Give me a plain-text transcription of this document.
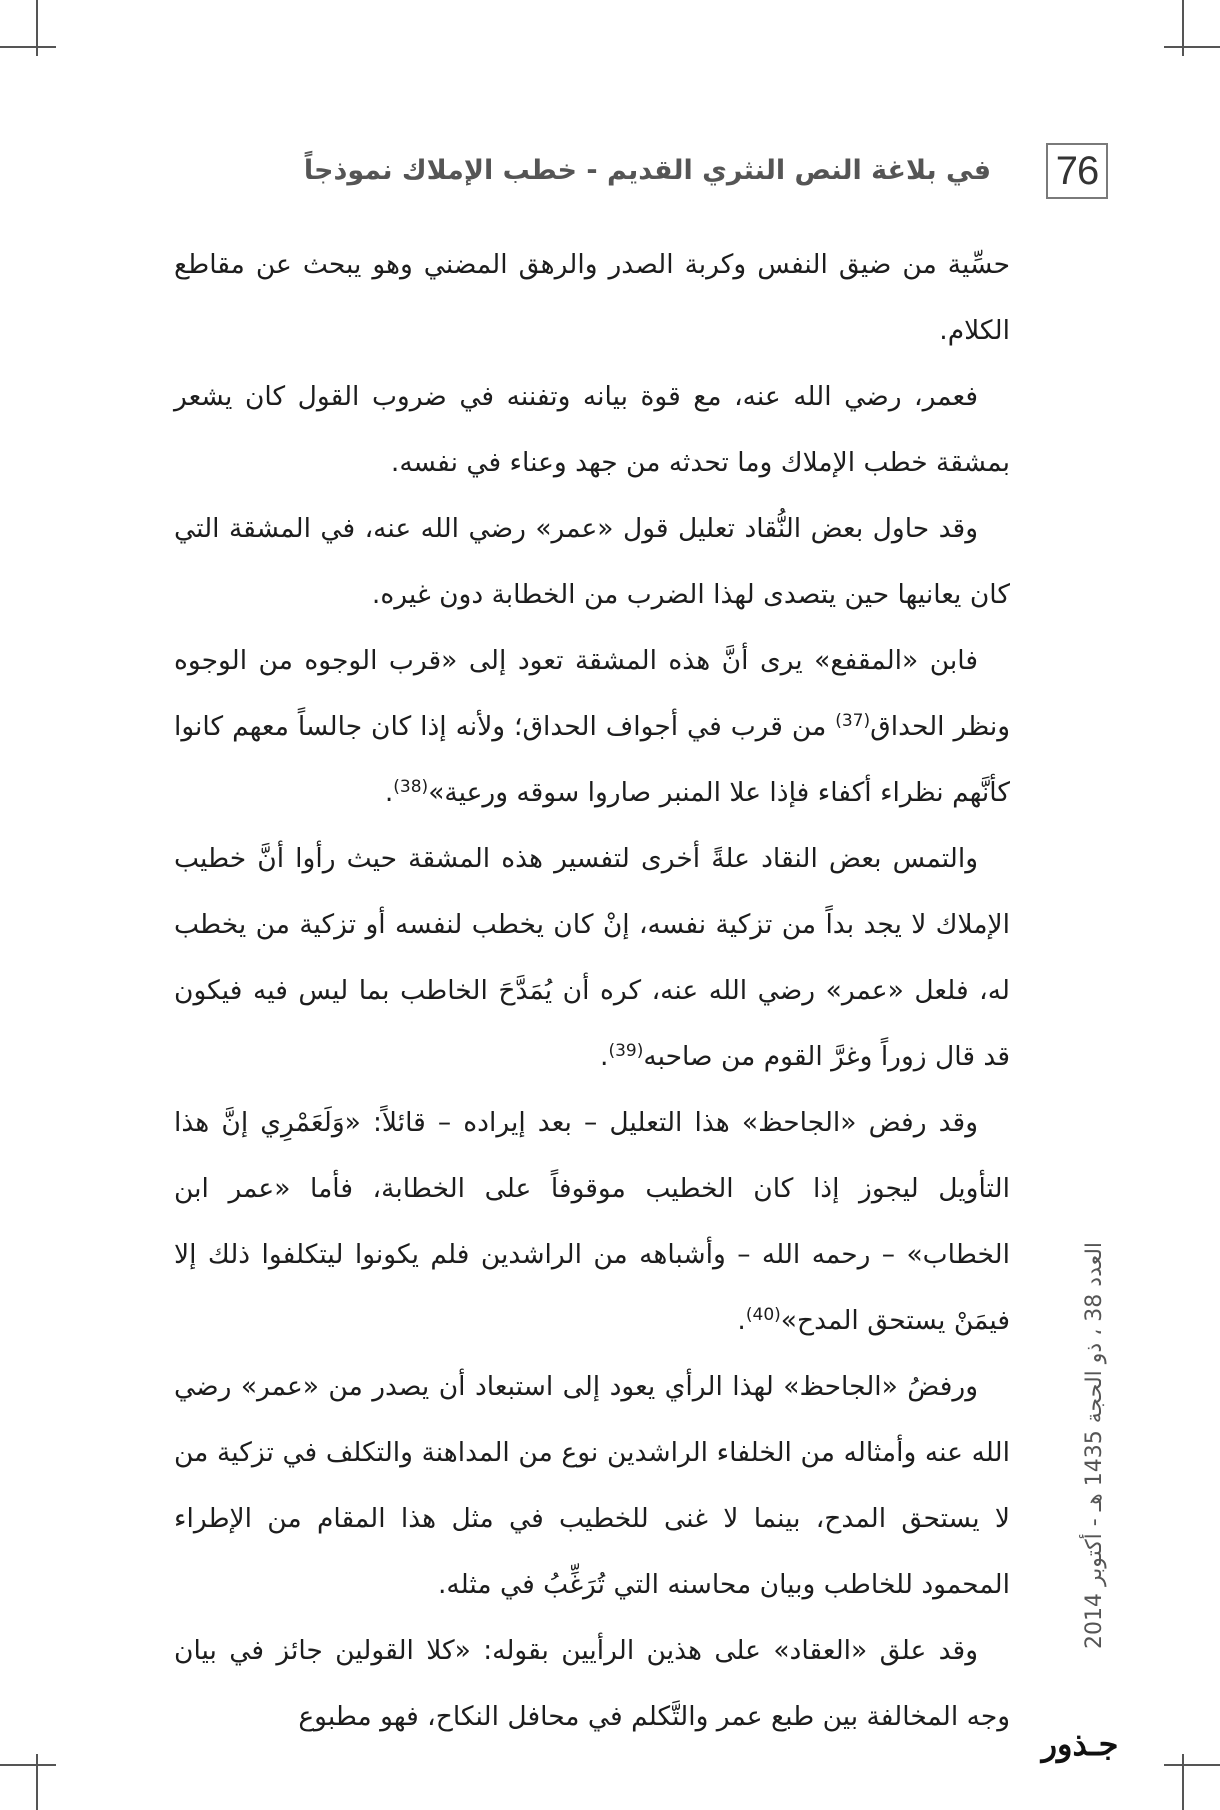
76
في بلاغة النص النثري القديم - خطب الإملاك نموذجاً

حسِّية من ضيق النفس وكربة الصدر والرهق المضني وهو يبحث عن مقاطع الكلام.

فعمر، رضي الله عنه، مع قوة بيانه وتفننه في ضروب القول كان يشعر بمشقة خطب الإملاك وما تحدثه من جهد وعناء في نفسه.

وقد حاول بعض النُّقاد تعليل قول «عمر» رضي الله عنه، في المشقة التي كان يعانيها حين يتصدى لهذا الضرب من الخطابة دون غيره.

فابن «المقفع» يرى أنَّ هذه المشقة تعود إلى «قرب الوجوه من الوجوه ونظر الحداق$^{(37)}$ من قرب في أجواف الحداق؛ ولأنه إذا كان جالساً معهم كانوا كأنَّهم نظراء أكفاء فإذا علا المنبر صاروا سوقه ورعية»$^{(38)}$.

والتمس بعض النقاد علةً أخرى لتفسير هذه المشقة حيث رأوا أنَّ خطيب الإملاك لا يجد بداً من تزكية نفسه، إنْ كان يخطب لنفسه أو تزكية من يخطب له، فلعل «عمر» رضي الله عنه، كره أن يُمَدَّحَ الخاطب بما ليس فيه فيكون قد قال زوراً وغرَّ القوم من صاحبه$^{(39)}$.

وقد رفض «الجاحظ» هذا التعليل – بعد إيراده – قائلاً: «وَلَعَمْرِي إنَّ هذا التأويل ليجوز إذا كان الخطيب موقوفاً على الخطابة، فأما «عمر ابن الخطاب» – رحمه الله – وأشباهه من الراشدين فلم يكونوا ليتكلفوا ذلك إلا فيمَنْ يستحق المدح»$^{(40)}$.

ورفضُ «الجاحظ» لهذا الرأي يعود إلى استبعاد أن يصدر من «عمر» رضي الله عنه وأمثاله من الخلفاء الراشدين نوع من المداهنة والتكلف في تزكية من لا يستحق المدح، بينما لا غنى للخطيب في مثل هذا المقام من الإطراء المحمود للخاطب وبيان محاسنه التي تُرَغِّبُ في مثله.

وقد علق «العقاد» على هذين الرأيين بقوله: «كلا القولين جائز في بيان وجه المخالفة بين طبع عمر والتَّكلم في محافل النكاح، فهو مطبوع

العدد 38 ، ذو الحجة 1435 هـ - أكتوبر 2014
جـذور
